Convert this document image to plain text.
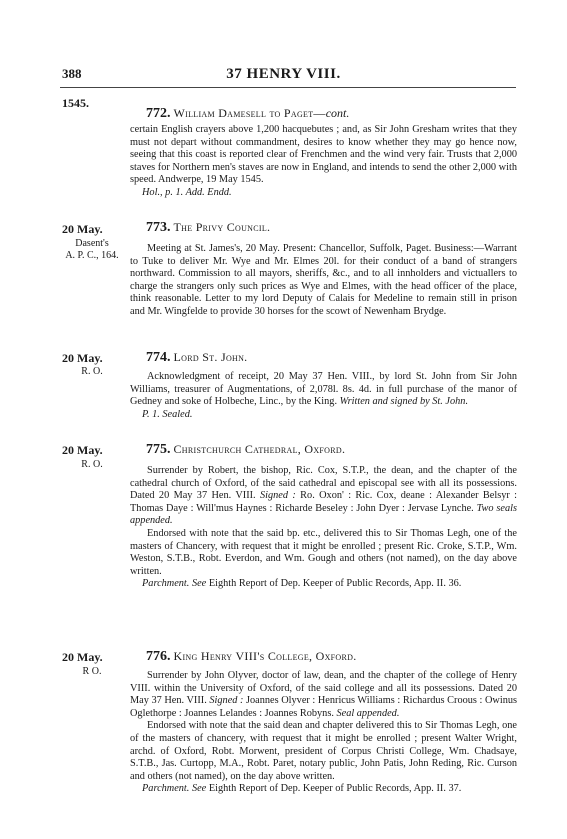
388	37 HENRY VIII.
1545.
772. William Damesell to Paget—cont.

certain English crayers above 1,200 hacquebutes ; and, as Sir John Gresham writes that they must not depart without commandment, desires to know whether they may go hence now, seeing that this coast is reported clear of Frenchmen and the wind very fair. Trusts that 2,000 staves for Northern men's staves are now in England, and intends to send the other 2,000 with speed. Andwerpe, 19 May 1545.

Hol., p. 1. Add. Endd.

20 May.
Dasent's
A. P. C., 164.
773. The Privy Council.

Meeting at St. James's, 20 May. Present: Chancellor, Suffolk, Paget. Business:—Warrant to Tuke to deliver Mr. Wye and Mr. Elmes 20l. for their conduct of a band of strangers northward. Commission to all mayors, sheriffs, &c., and to all innholders and victuallers to charge the strangers only such prices as Wye and Elmes, with the head officer of the place, think reasonable. Letter to my lord Deputy of Calais for Medeline to remain still in prison and Mr. Wingfelde to provide 30 horses for the scowt of Newenham Brydge.

20 May.
R. O.
774. Lord St. John.

Acknowledgment of receipt, 20 May 37 Hen. VIII., by lord St. John from Sir John Williams, treasurer of Augmentations, of 2,078l. 8s. 4d. in full purchase of the manor of Gedney and soke of Holbeche, Linc., by the King. Written and signed by St. John.

P. 1. Sealed.

20 May.
R. O.
775. Christchurch Cathedral, Oxford.

Surrender by Robert, the bishop, Ric. Cox, S.T.P., the dean, and the chapter of the cathedral church of Oxford, of the said cathedral and episcopal see with all its possessions. Dated 20 May 37 Hen. VIII. Signed : Ro. Oxon' : Ric. Cox, deane : Alexander Belsyr : Thomas Daye : Will'mus Haynes : Richarde Beseley : John Dyer : Jervase Lynche. Two seals appended.

Endorsed with note that the said bp. etc., delivered this to Sir Thomas Legh, one of the masters of Chancery, with request that it might be enrolled ; present Ric. Croke, S.T.P., Wm. Weston, S.T.B., Robt. Everdon, and Wm. Gough and others (not named), on the day above written.

Parchment. See Eighth Report of Dep. Keeper of Public Records, App. II. 36.

20 May.
R O.
776. King Henry VIII's College, Oxford.

Surrender by John Olyver, doctor of law, dean, and the chapter of the college of Henry VIII. within the University of Oxford, of the said college and all its possessions. Dated 20 May 37 Hen. VIII. Signed : Joannes Olyver : Henricus Williams : Richardus Croous : Owinus Oglethorpe : Joannes Lelandes : Joannes Robyns. Seal appended.

Endorsed with note that the said dean and chapter delivered this to Sir Thomas Legh, one of the masters of chancery, with request that it might be enrolled ; present Walter Wright, archd. of Oxford, Robt. Morwent, president of Corpus Christi College, Wm. Chadsaye, S.T.B., Jas. Curtopp, M.A., Robt. Paret, notary public, John Patis, John Reding, Ric. Curson and others (not named), on the day above written.

Parchment. See Eighth Report of Dep. Keeper of Public Records, App. II. 37.
